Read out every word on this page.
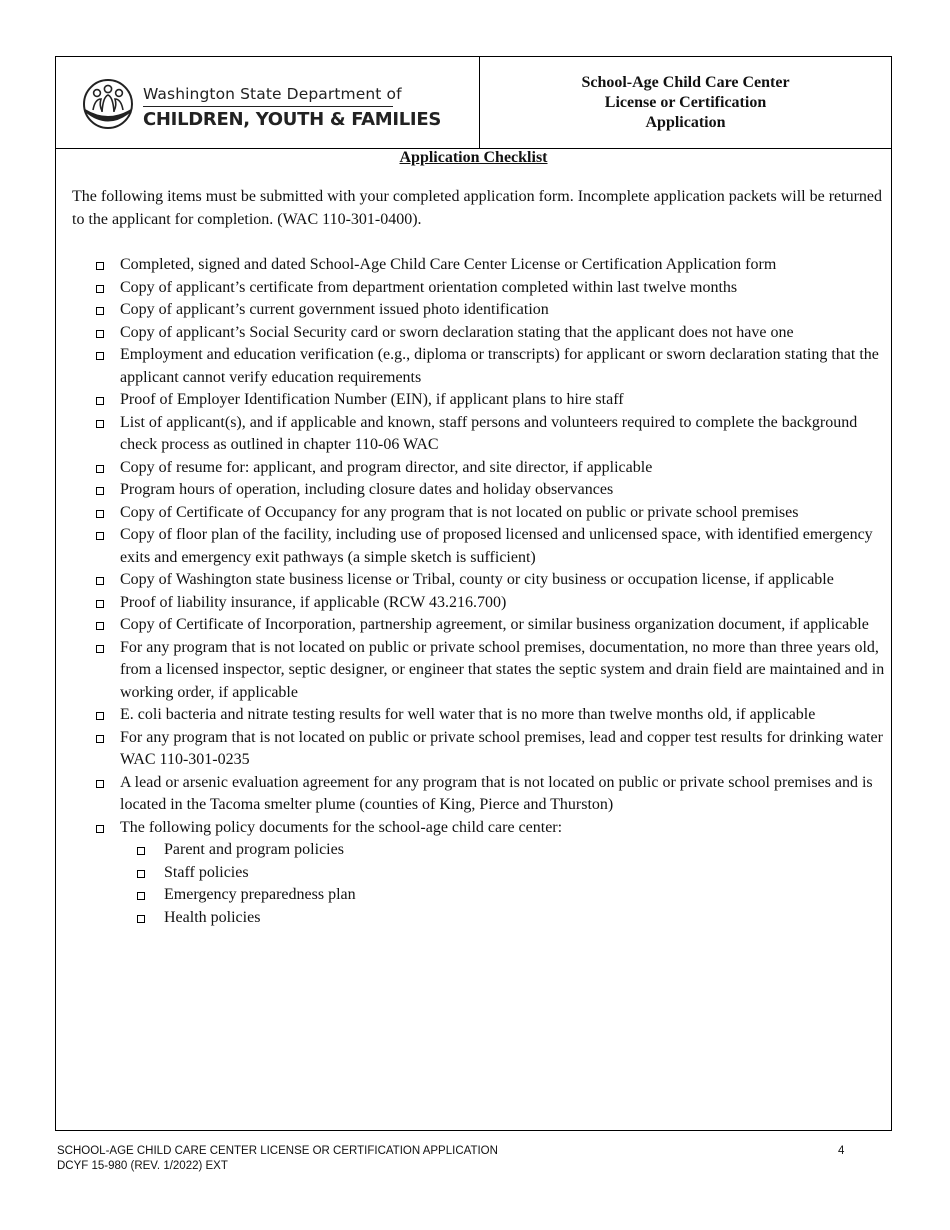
Washington State Department of
CHILDREN, YOUTH & FAMILIES
School-Age Child Care Center
License or Certification
Application
Application Checklist
The following items must be submitted with your completed application form. Incomplete application packets will be returned to the applicant for completion. (WAC 110-301-0400).
Completed, signed and dated School-Age Child Care Center License or Certification Application form
Copy of applicant’s certificate from department orientation completed within last twelve months
Copy of applicant’s current government issued photo identification
Copy of applicant’s Social Security card or sworn declaration stating that the applicant does not have one
Employment and education verification (e.g., diploma or transcripts) for applicant or sworn declaration stating that the applicant cannot verify education requirements
Proof of Employer Identification Number (EIN), if applicant plans to hire staff
List of applicant(s), and if applicable and known, staff persons and volunteers required to complete the background check process as outlined in chapter 110-06 WAC
Copy of resume for: applicant, and program director, and site director, if applicable
Program hours of operation, including closure dates and holiday observances
Copy of Certificate of Occupancy for any program that is not located on public or private school premises
Copy of floor plan of the facility, including use of proposed licensed and unlicensed space, with identified emergency exits and emergency exit pathways (a simple sketch is sufficient)
Copy of Washington state business license or Tribal, county or city business or occupation license, if applicable
Proof of liability insurance, if applicable (RCW 43.216.700)
Copy of Certificate of Incorporation, partnership agreement, or similar business organization document, if applicable
For any program that is not located on public or private school premises, documentation, no more than three years old, from a licensed inspector, septic designer, or engineer that states the septic system and drain field are maintained and in working order, if applicable
E. coli bacteria and nitrate testing results for well water that is no more than twelve months old, if applicable
For any program that is not located on public or private school premises, lead and copper test results for drinking water WAC 110-301-0235
A lead or arsenic evaluation agreement for any program that is not located on public or private school premises and is located in the Tacoma smelter plume (counties of King, Pierce and Thurston)
The following policy documents for the school-age child care center:
Parent and program policies
Staff policies
Emergency preparedness plan
Health policies
SCHOOL-AGE CHILD CARE CENTER LICENSE OR CERTIFICATION APPLICATION
DCYF 15-980 (REV. 1/2022) EXT
4
